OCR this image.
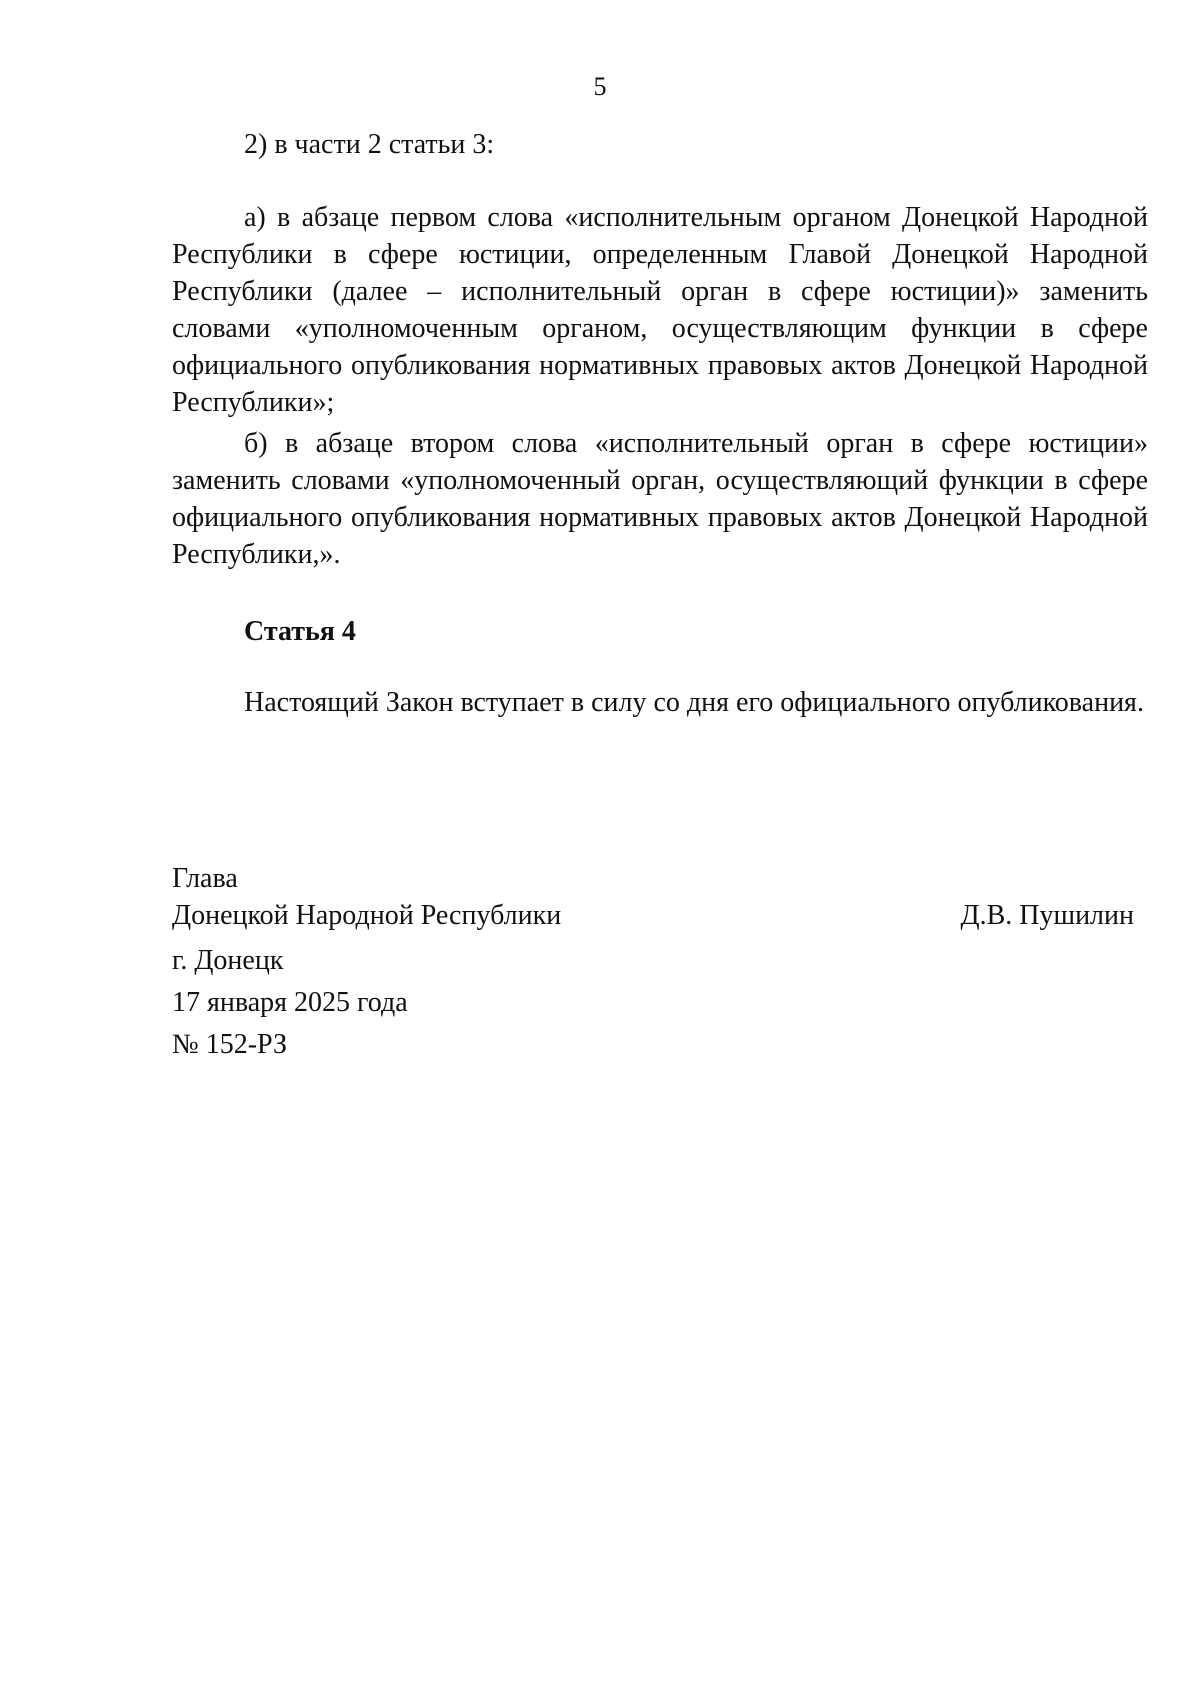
5

2) в части 2 статьи 3:

а) в абзаце первом слова «исполнительным органом Донецкой Народной Республики в сфере юстиции, определенным Главой Донецкой Народной Республики (далее – исполнительный орган в сфере юстиции)» заменить словами «уполномоченным органом, осуществляющим функции в сфере официального опубликования нормативных правовых актов Донецкой Народной Республики»;

б) в абзаце втором слова «исполнительный орган в сфере юстиции» заменить словами «уполномоченный орган, осуществляющий функции в сфере официального опубликования нормативных правовых актов Донецкой Народной Республики,».

Статья 4

Настоящий Закон вступает в силу со дня его официального опубликования.

Глава

Донецкой Народной Республики	Д.В. Пушилин

г. Донецк

17 января 2025 года

№ 152-РЗ
